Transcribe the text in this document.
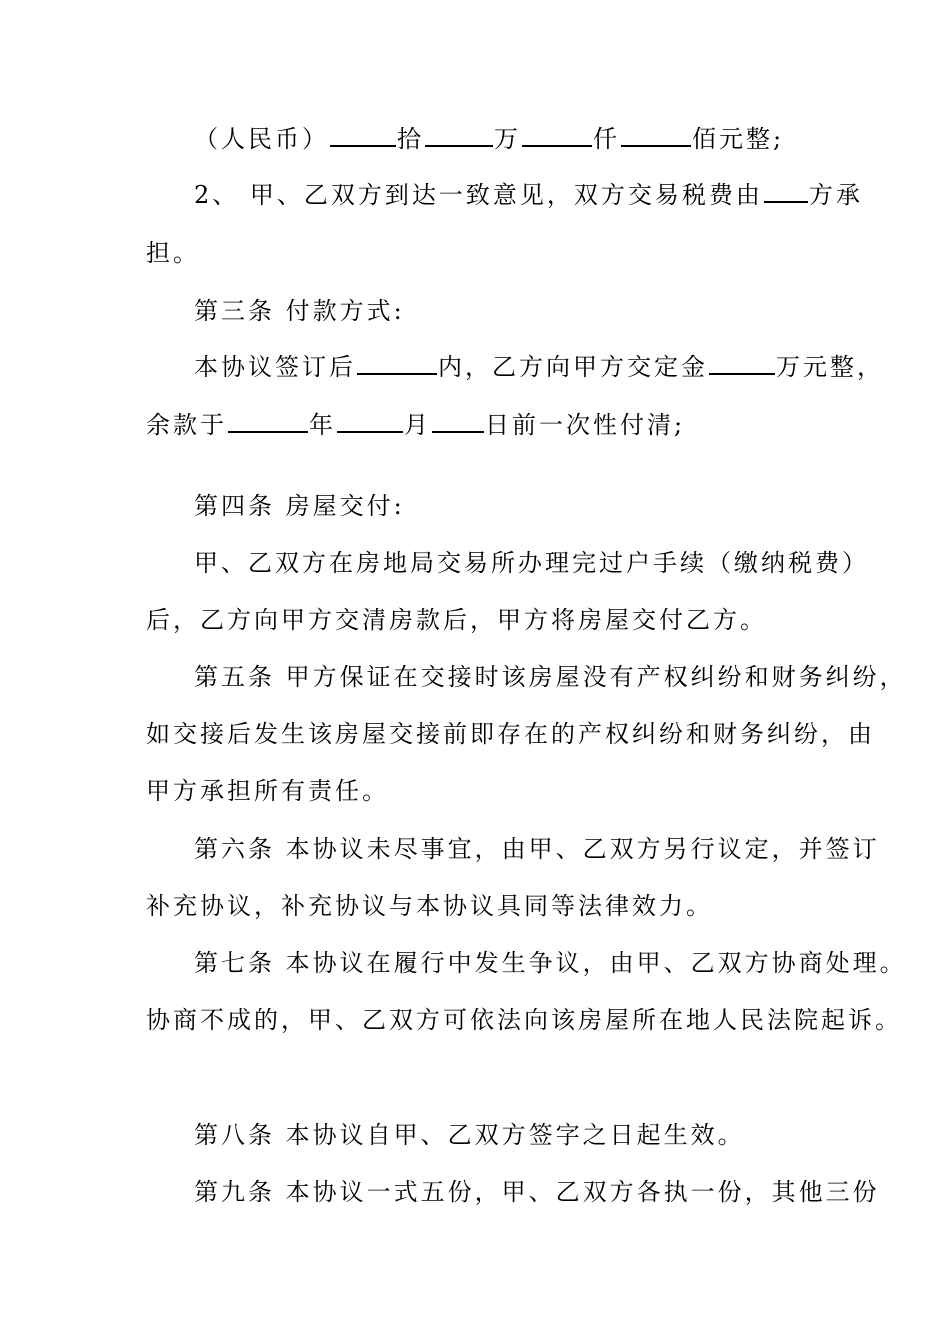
（人民币）	拾	万	仟	佰元整;
2、 甲、乙双方到达一致意见，双方交易税费由 方承
担。
第三条 付款方式:
本协议签订后	内，乙方向甲方交定金	万元整，
余款于	年	月 日前一次性付清;
第四条 房屋交付:
甲、乙双方在房地局交易所办理完过户手续（缴纳税费）
后，乙方向甲方交清房款后，甲方将房屋交付乙方。
第五条 甲方保证在交接时该房屋没有产权纠纷和财务纠纷，
如交接后发生该房屋交接前即存在的产权纠纷和财务纠纷，由
甲方承担所有责任。
第六条 本协议未尽事宜，由甲、乙双方另行议定，并签订
补充协议，补充协议与本协议具同等法律效力。
第七条 本协议在履行中发生争议，由甲、乙双方协商处理。
协商不成的，甲、乙双方可依法向该房屋所在地人民法院起诉。
第八条 本协议自甲、乙双方签字之日起生效。
第九条 本协议一式五份，甲、乙双方各执一份，其他三份
